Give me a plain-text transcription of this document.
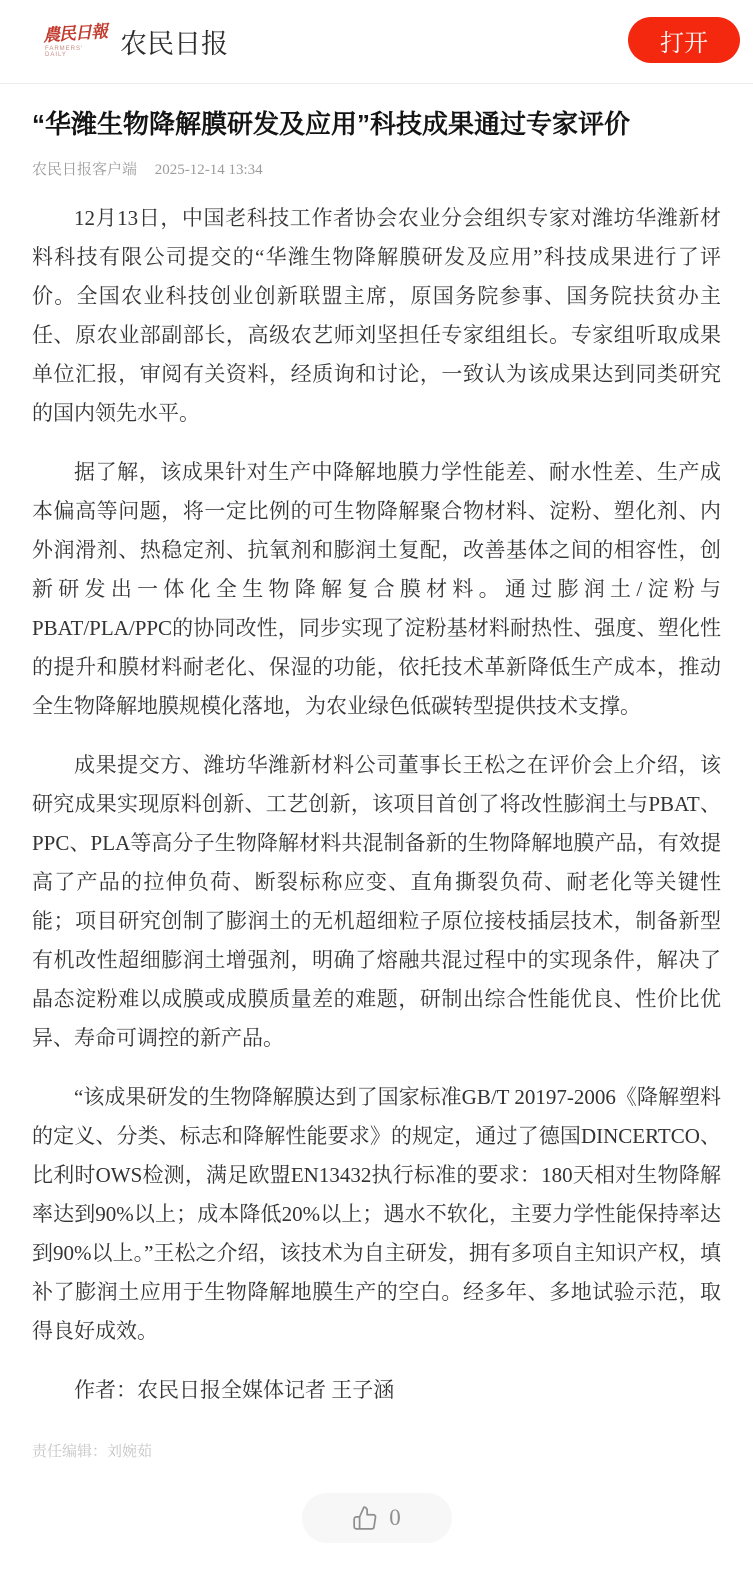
農民日報
FARMERS' DAILY	农民日报	打开
“华潍生物降解膜研发及应用”科技成果通过专家评价
农民日报客户端 2025-12-14 13:34

12月13日，中国老科技工作者协会农业分会组织专家对潍坊华潍新材料科技有限公司提交的“华潍生物降解膜研发及应用”科技成果进行了评价。全国农业科技创业创新联盟主席，原国务院参事、国务院扶贫办主任、原农业部副部长，高级农艺师刘坚担任专家组组长。专家组听取成果单位汇报，审阅有关资料，经质询和讨论，一致认为该成果达到同类研究的国内领先水平。

据了解，该成果针对生产中降解地膜力学性能差、耐水性差、生产成本偏高等问题，将一定比例的可生物降解聚合物材料、淀粉、塑化剂、内外润滑剂、热稳定剂、抗氧剂和膨润土复配，改善基体之间的相容性，创新研发出一体化全生物降解复合膜材料。通过膨润土/淀粉与PBAT/PLA/PPC的协同改性，同步实现了淀粉基材料耐热性、强度、塑化性的提升和膜材料耐老化、保湿的功能，依托技术革新降低生产成本，推动全生物降解地膜规模化落地，为农业绿色低碳转型提供技术支撑。

成果提交方、潍坊华潍新材料公司董事长王松之在评价会上介绍，该研究成果实现原料创新、工艺创新，该项目首创了将改性膨润土与PBAT、PPC、PLA等高分子生物降解材料共混制备新的生物降解地膜产品，有效提高了产品的拉伸负荷、断裂标称应变、直角撕裂负荷、耐老化等关键性能；项目研究创制了膨润土的无机超细粒子原位接枝插层技术，制备新型有机改性超细膨润土增强剂，明确了熔融共混过程中的实现条件，解决了晶态淀粉难以成膜或成膜质量差的难题，研制出综合性能优良、性价比优异、寿命可调控的新产品。

“该成果研发的生物降解膜达到了国家标准GB/T 20197-2006《降解塑料的定义、分类、标志和降解性能要求》的规定，通过了德国DINCERTCO、比利时OWS检测，满足欧盟EN13432执行标准的要求：180天相对生物降解率达到90%以上；成本降低20%以上；遇水不软化，主要力学性能保持率达到90%以上。”王松之介绍，该技术为自主研发，拥有多项自主知识产权，填补了膨润土应用于生物降解地膜生产的空白。经多年、多地试验示范，取得良好成效。

作者：农民日报全媒体记者 王子涵

责任编辑：刘婉茹
0
